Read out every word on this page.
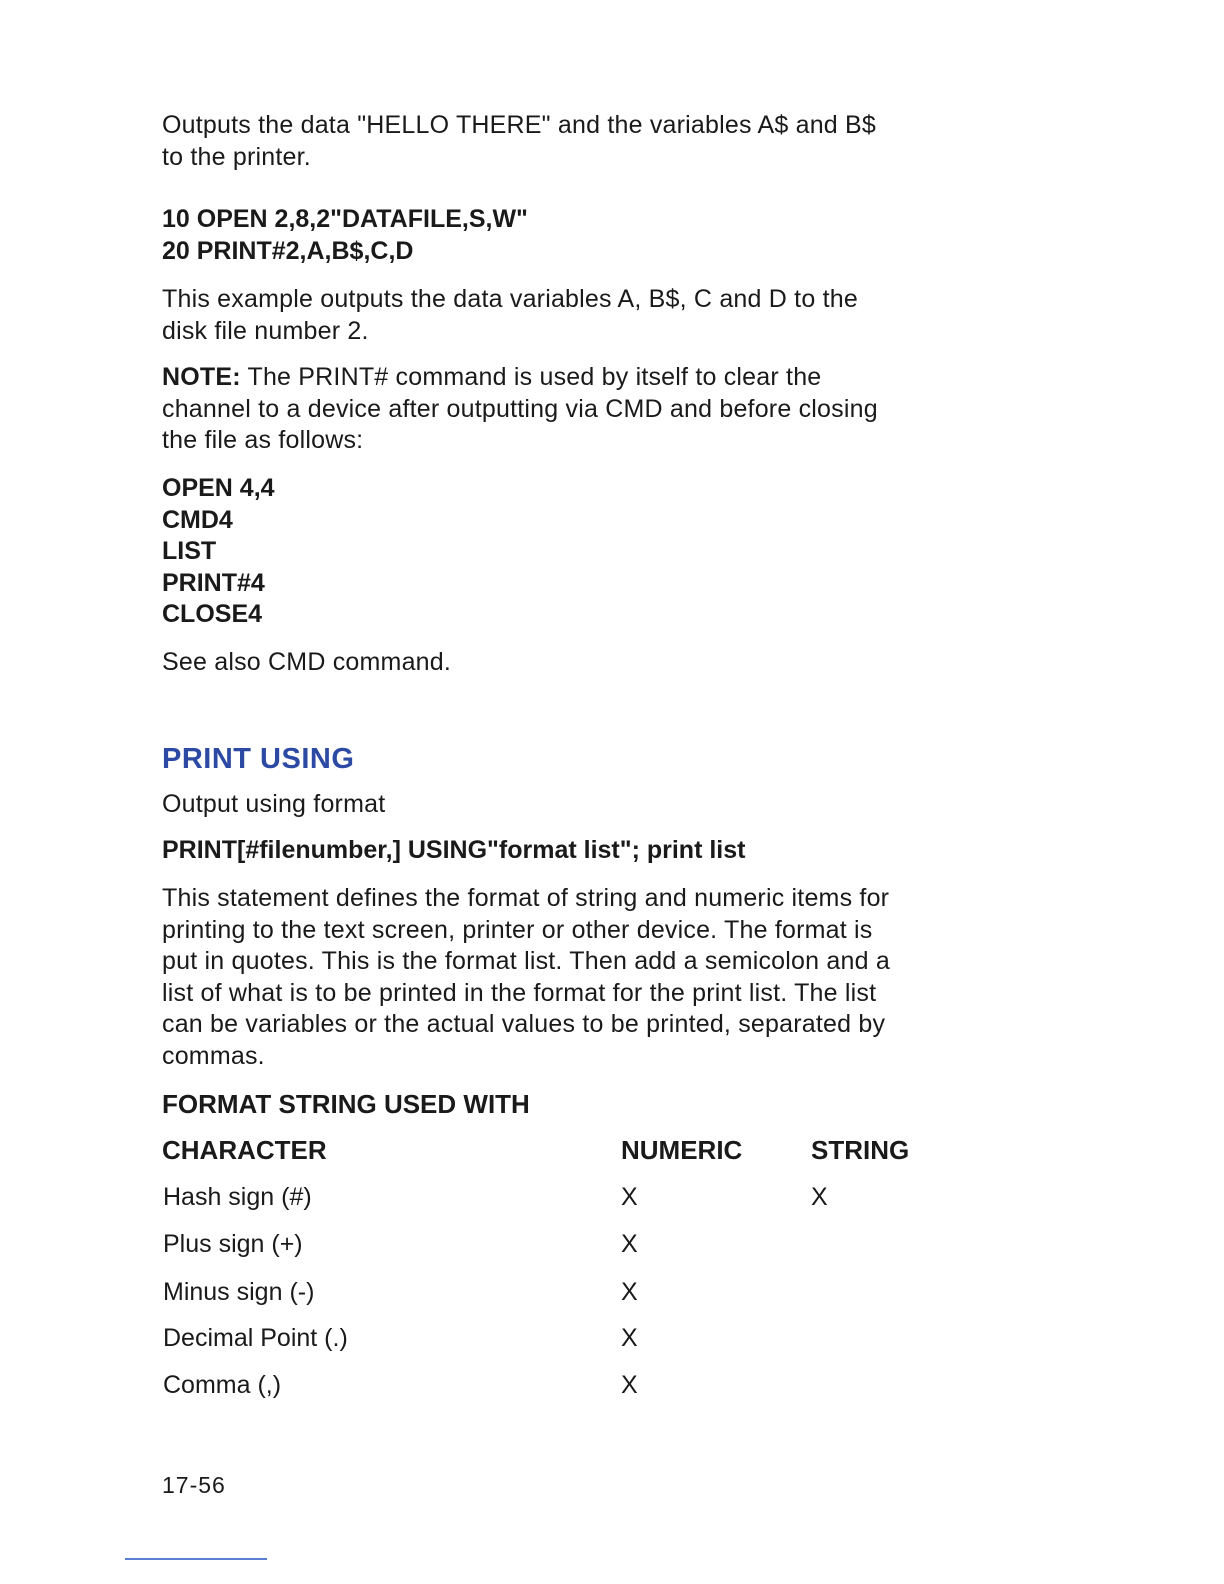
Outputs the data "HELLO THERE" and the variables A$ and B$
to the printer.
10 OPEN 2,8,2"DATAFILE,S,W"
20 PRINT#2,A,B$,C,D
This example outputs the data variables A, B$, C and D to the
disk file number 2.
NOTE: The PRINT# command is used by itself to clear the
channel to a device after outputting via CMD and before closing
the file as follows:
OPEN 4,4
CMD4
LIST
PRINT#4
CLOSE4
See also CMD command.
PRINT USING
Output using format
PRINT[#filenumber,] USING"format list"; print list
This statement defines the format of string and numeric items for
printing to the text screen, printer or other device. The format is
put in quotes. This is the format list. Then add a semicolon and a
list of what is to be printed in the format for the print list. The list
can be variables or the actual values to be printed, separated by
commas.
FORMAT STRING USED WITH
CHARACTER	NUMERIC	STRING
Hash sign (#)	X	X
Plus sign (+)	X
Minus sign (-)	X
Decimal Point (.)	X
Comma (,)	X
17-56
